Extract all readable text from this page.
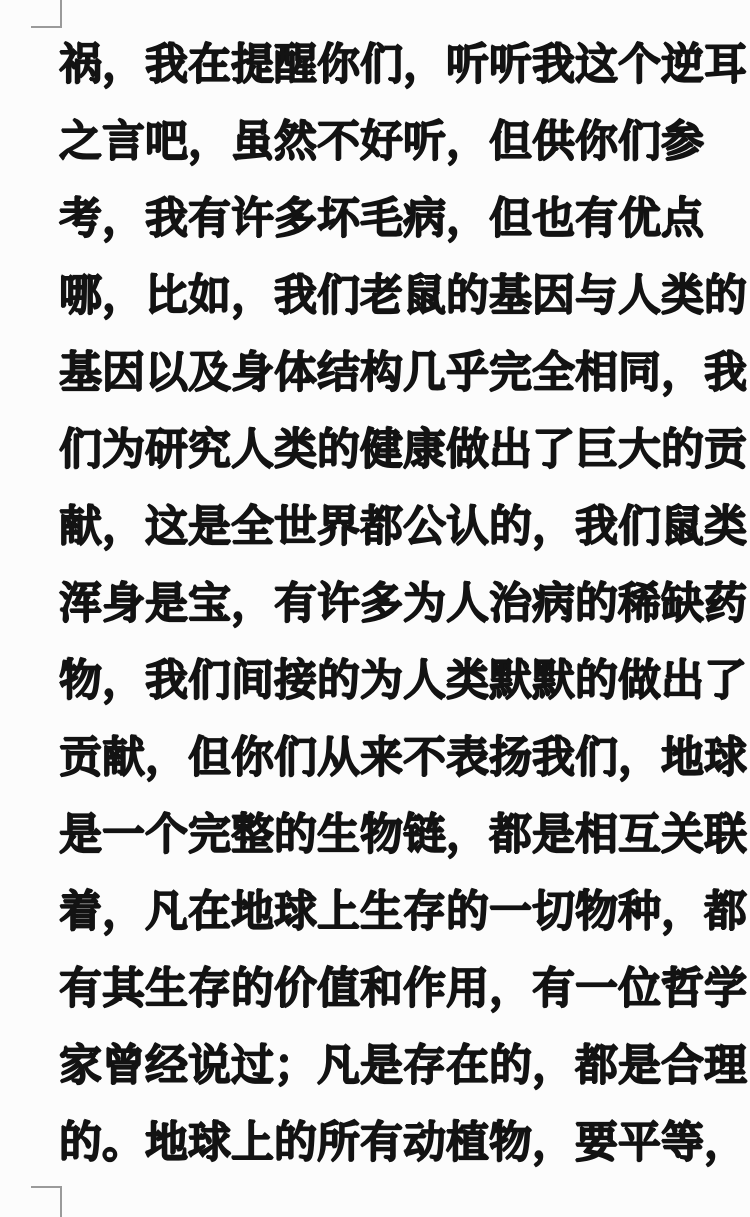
祸，我在提醒你们，听听我这个逆耳
之言吧，虽然不好听，但供你们参
考，我有许多坏毛病，但也有优点
哪，比如，我们老鼠的基因与人类的
基因以及身体结构几乎完全相同，我
们为研究人类的健康做出了巨大的贡
献，这是全世界都公认的，我们鼠类
浑身是宝，有许多为人治病的稀缺药
物，我们间接的为人类默默的做出了
贡献，但你们从来不表扬我们，地球
是一个完整的生物链，都是相互关联
着，凡在地球上生存的一切物种，都
有其生存的价值和作用，有一位哲学
家曾经说过；凡是存在的，都是合理
的。地球上的所有动植物，要平等，
